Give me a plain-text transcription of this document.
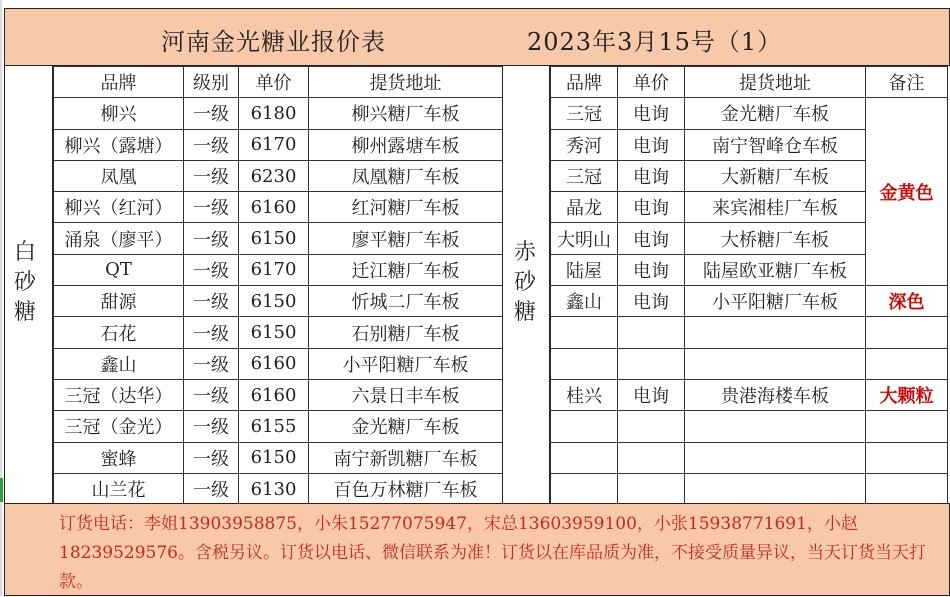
河南金光糖业报价表	2023年3月15号（1）
白
砂
糖
品牌	级别	单价	提货地址
柳兴	一级	6180	柳兴糖厂车板
柳兴（露塘）	一级	6170	柳州露塘车板
凤凰	一级	6230	凤凰糖厂车板
柳兴（红河）	一级	6160	红河糖厂车板
涌泉（廖平）	一级	6150	廖平糖厂车板
QT	一级	6170	迁江糖厂车板
甜源	一级	6150	忻城二厂车板
石花	一级	6150	石别糖厂车板
鑫山	一级	6160	小平阳糖厂车板
三冠（达华）	一级	6160	六景日丰车板
三冠（金光）	一级	6155	金光糖厂车板
蜜蜂	一级	6150	南宁新凯糖厂车板
山兰花	一级	6130	百色万林糖厂车板
赤
砂
糖
品牌	单价	提货地址	备注
三冠	电询	金光糖厂车板	金黄色
秀河	电询	南宁智峰仓车板	
三冠	电询	大新糖厂车板	
晶龙	电询	来宾湘桂厂车板	
大明山	电询	大桥糖厂车板	
陆屋	电询	陆屋欧亚糖厂车板	
鑫山	电询	小平阳糖厂车板	深色

桂兴	电询	贵港海楼车板	大颗粒

订货电话：李姐13903958875，小朱15277075947，宋总13603959100，小张15938771691，小赵18239529576。含税另议。订货以电话、微信联系为准！订货以在库品质为准，不接受质量异议，当天订货当天打款。
